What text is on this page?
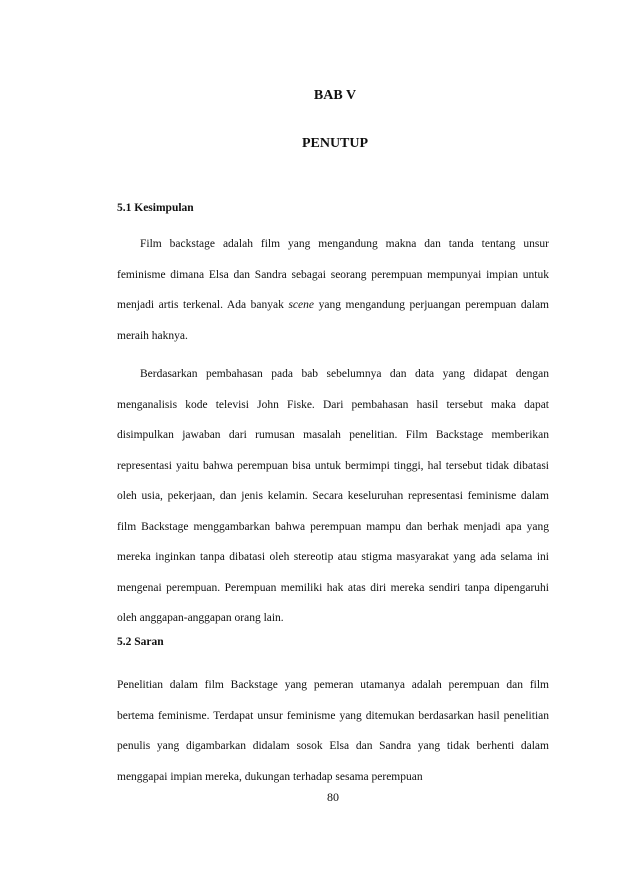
BAB V
PENUTUP
5.1 Kesimpulan
Film backstage adalah film yang mengandung makna dan tanda tentang unsur feminisme dimana Elsa dan Sandra sebagai seorang perempuan mempunyai impian untuk menjadi artis terkenal. Ada banyak scene yang mengandung perjuangan perempuan dalam meraih haknya.
Berdasarkan pembahasan pada bab sebelumnya dan data yang didapat dengan menganalisis kode televisi John Fiske. Dari pembahasan hasil tersebut maka dapat disimpulkan jawaban dari rumusan masalah penelitian. Film Backstage memberikan representasi yaitu bahwa perempuan bisa untuk bermimpi tinggi, hal tersebut tidak dibatasi oleh usia, pekerjaan, dan jenis kelamin. Secara keseluruhan representasi feminisme dalam film Backstage menggambarkan bahwa perempuan mampu dan berhak menjadi apa yang mereka inginkan tanpa dibatasi oleh stereotip atau stigma masyarakat yang ada selama ini mengenai perempuan. Perempuan memiliki hak atas diri mereka sendiri tanpa dipengaruhi oleh anggapan-anggapan orang lain.
5.2 Saran
Penelitian dalam film Backstage yang pemeran utamanya adalah perempuan dan film bertema feminisme. Terdapat unsur feminisme yang ditemukan berdasarkan hasil penelitian penulis yang digambarkan didalam sosok Elsa dan Sandra yang tidak berhenti dalam menggapai impian mereka, dukungan terhadap sesama perempuan
80
